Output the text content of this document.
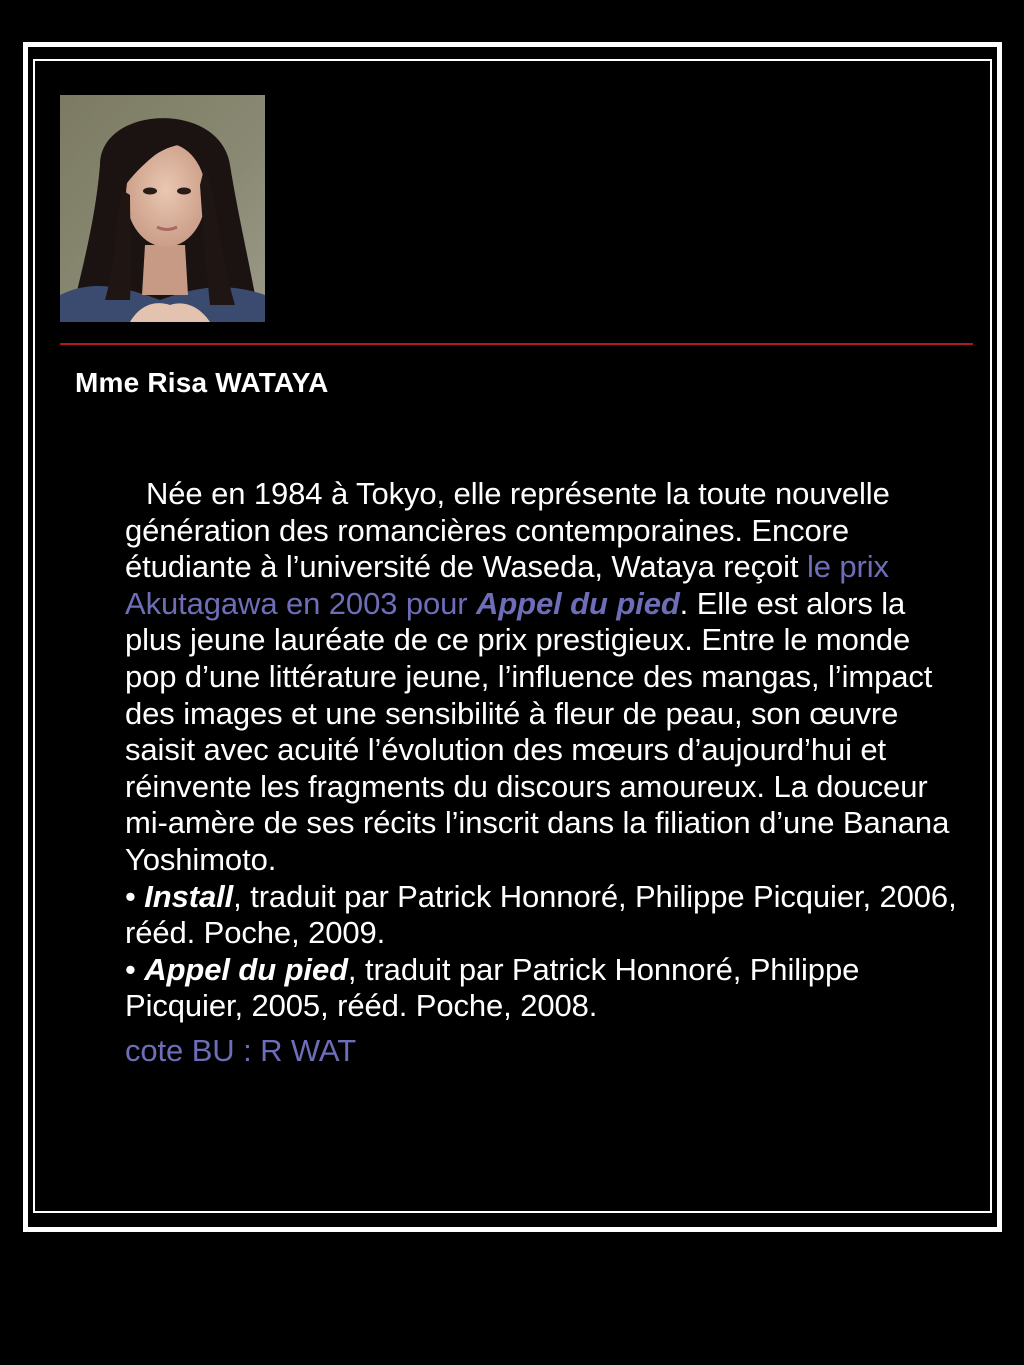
Mme Risa WATAYA

Née en 1984 à Tokyo, elle représente la toute nouvelle génération des romancières contemporaines. Encore étudiante à l’université de Waseda, Wataya reçoit le prix Akutagawa en 2003 pour Appel du pied. Elle est alors la plus jeune lauréate de ce prix prestigieux. Entre le monde pop d’une littérature jeune, l’influence des mangas, l’impact des images et une sensibilité à fleur de peau, son œuvre saisit avec acuité l’évolution des mœurs d’aujourd’hui et réinvente les fragments du discours amoureux. La douceur mi-amère de ses récits l’inscrit dans la filiation d’une Banana Yoshimoto.

• Install, traduit par Patrick Honnoré, Philippe Picquier, 2006, rééd. Poche, 2009.

• Appel du pied, traduit par Patrick Honnoré, Philippe Picquier, 2005, rééd. Poche, 2008.

cote BU : R WAT
